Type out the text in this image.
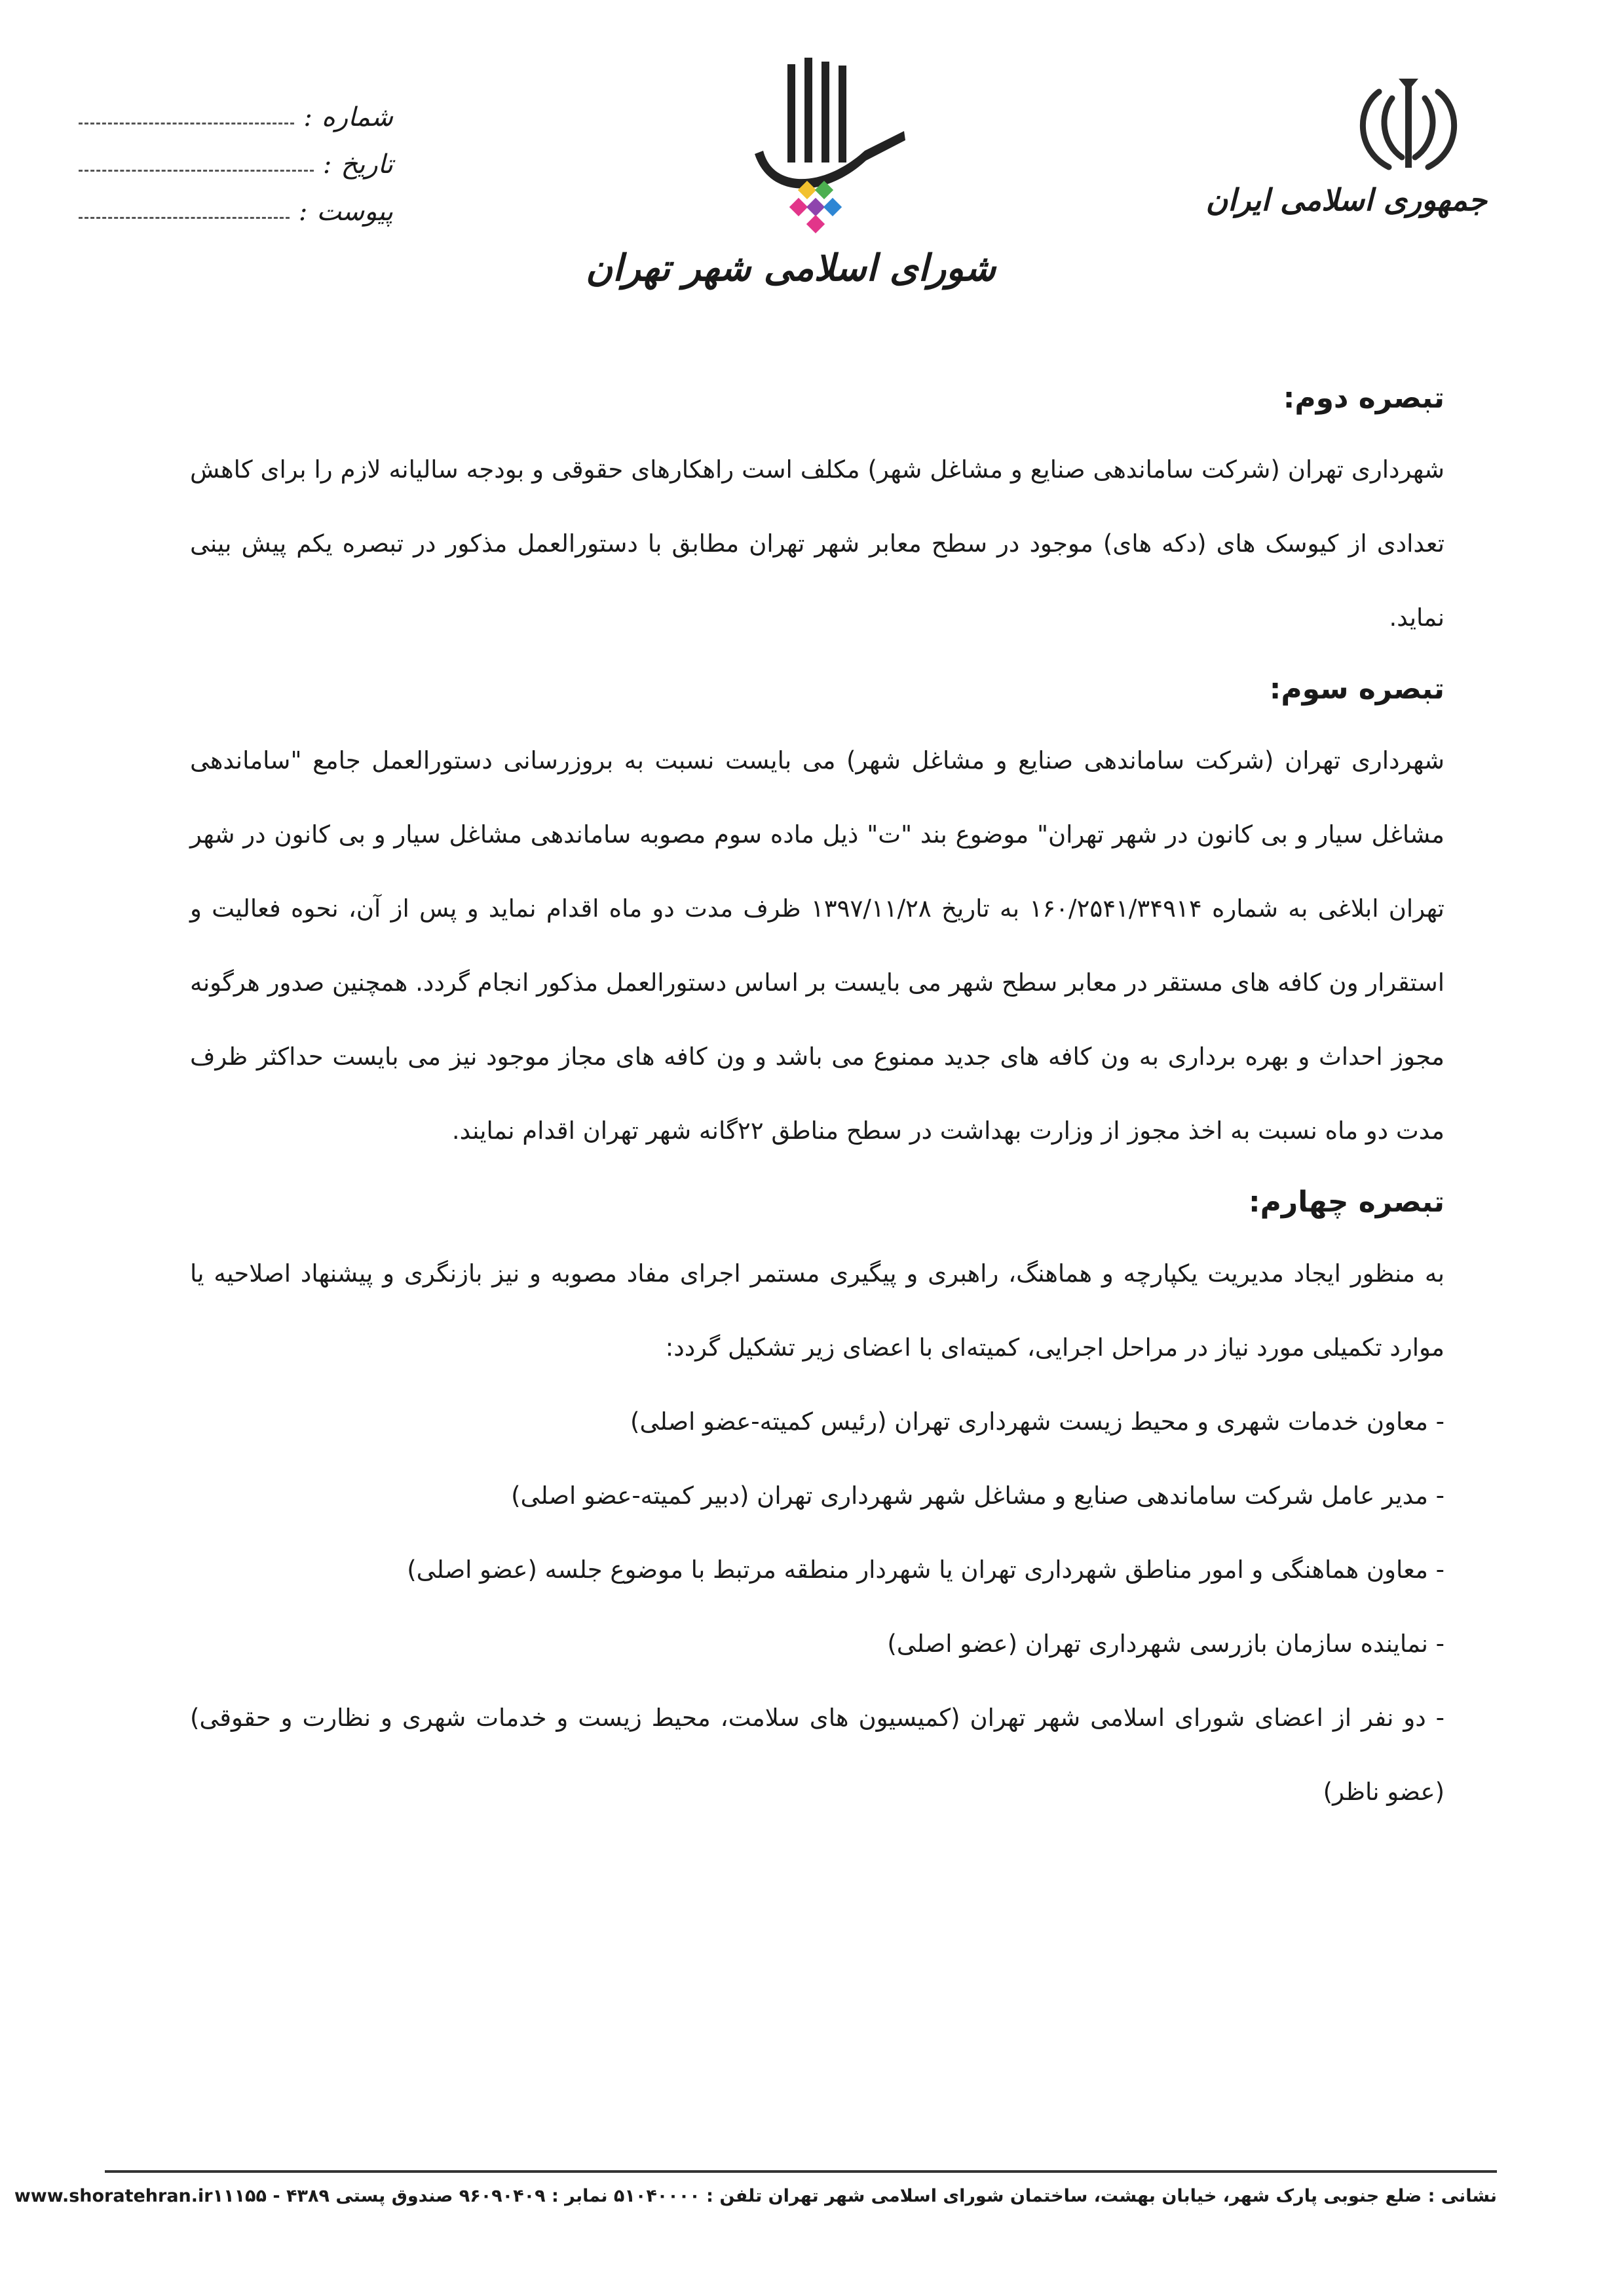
جمهوری اسلامی ایران
شورای اسلامی شهر تهران
شماره
:
تاریخ
:
پیوست
:
تبصره دوم:

شهرداری تهران (شرکت ساماندهی صنایع و مشاغل شهر) مکلف است راهکارهای حقوقی و بودجه سالیانه لازم را برای کاهش تعدادی از کیوسک های (دکه های) موجود در سطح معابر شهر تهران مطابق با دستورالعمل مذکور در تبصره یکم پیش بینی نماید.

تبصره سوم:

شهرداری تهران (شرکت ساماندهی صنایع و مشاغل شهر) می بایست نسبت به بروزرسانی دستورالعمل جامع "ساماندهی مشاغل سیار و بی کانون در شهر تهران" موضوع بند "ت" ذیل ماده سوم مصوبه ساماندهی مشاغل سیار و بی کانون در شهر تهران ابلاغی به شماره ۱۶۰/۲۵۴۱/۳۴۹۱۴ به تاریخ ۱۳۹۷/۱۱/۲۸ ظرف مدت دو ماه اقدام نماید و پس از آن، نحوه فعالیت و استقرار ون کافه های مستقر در معابر سطح شهر می بایست بر اساس دستورالعمل مذکور انجام گردد. همچنین صدور هرگونه مجوز احداث و بهره برداری به ون کافه های جدید ممنوع می باشد و ون کافه های مجاز موجود نیز می بایست حداکثر ظرف مدت دو ماه نسبت به اخذ مجوز از وزارت بهداشت در سطح مناطق ۲۲گانه شهر تهران اقدام نمایند.

تبصره چهارم:

به منظور ایجاد مدیریت یکپارچه و هماهنگ، راهبری و پیگیری مستمر اجرای مفاد مصوبه و نیز بازنگری و پیشنهاد اصلاحیه یا موارد تکمیلی مورد نیاز در مراحل اجرایی، کمیته‌ای با اعضای زیر تشکیل گردد:

- معاون خدمات شهری و محیط زیست شهرداری تهران (رئیس کمیته-عضو اصلی)
- مدیر عامل شرکت ساماندهی صنایع و مشاغل شهر شهرداری تهران (دبیر کمیته-عضو اصلی)
- معاون هماهنگی و امور مناطق شهرداری تهران یا شهردار منطقه مرتبط با موضوع جلسه (عضو اصلی)
- نماینده سازمان بازرسی شهرداری تهران (عضو اصلی)
- دو نفر از اعضای شورای اسلامی شهر تهران (کمیسیون های سلامت، محیط زیست و خدمات شهری و نظارت و حقوقی) (عضو ناظر)
نشانی : ضلع جنوبی پارک شهر، خیابان بهشت، ساختمان شورای اسلامی شهر تهران تلفن : ۵۱۰۴۰۰۰۰ نمابر : ۹۶۰۹۰۴۰۹ صندوق پستی ۴۳۸۹ - ۱۱۱۵۵
www.shoratehran.ir
